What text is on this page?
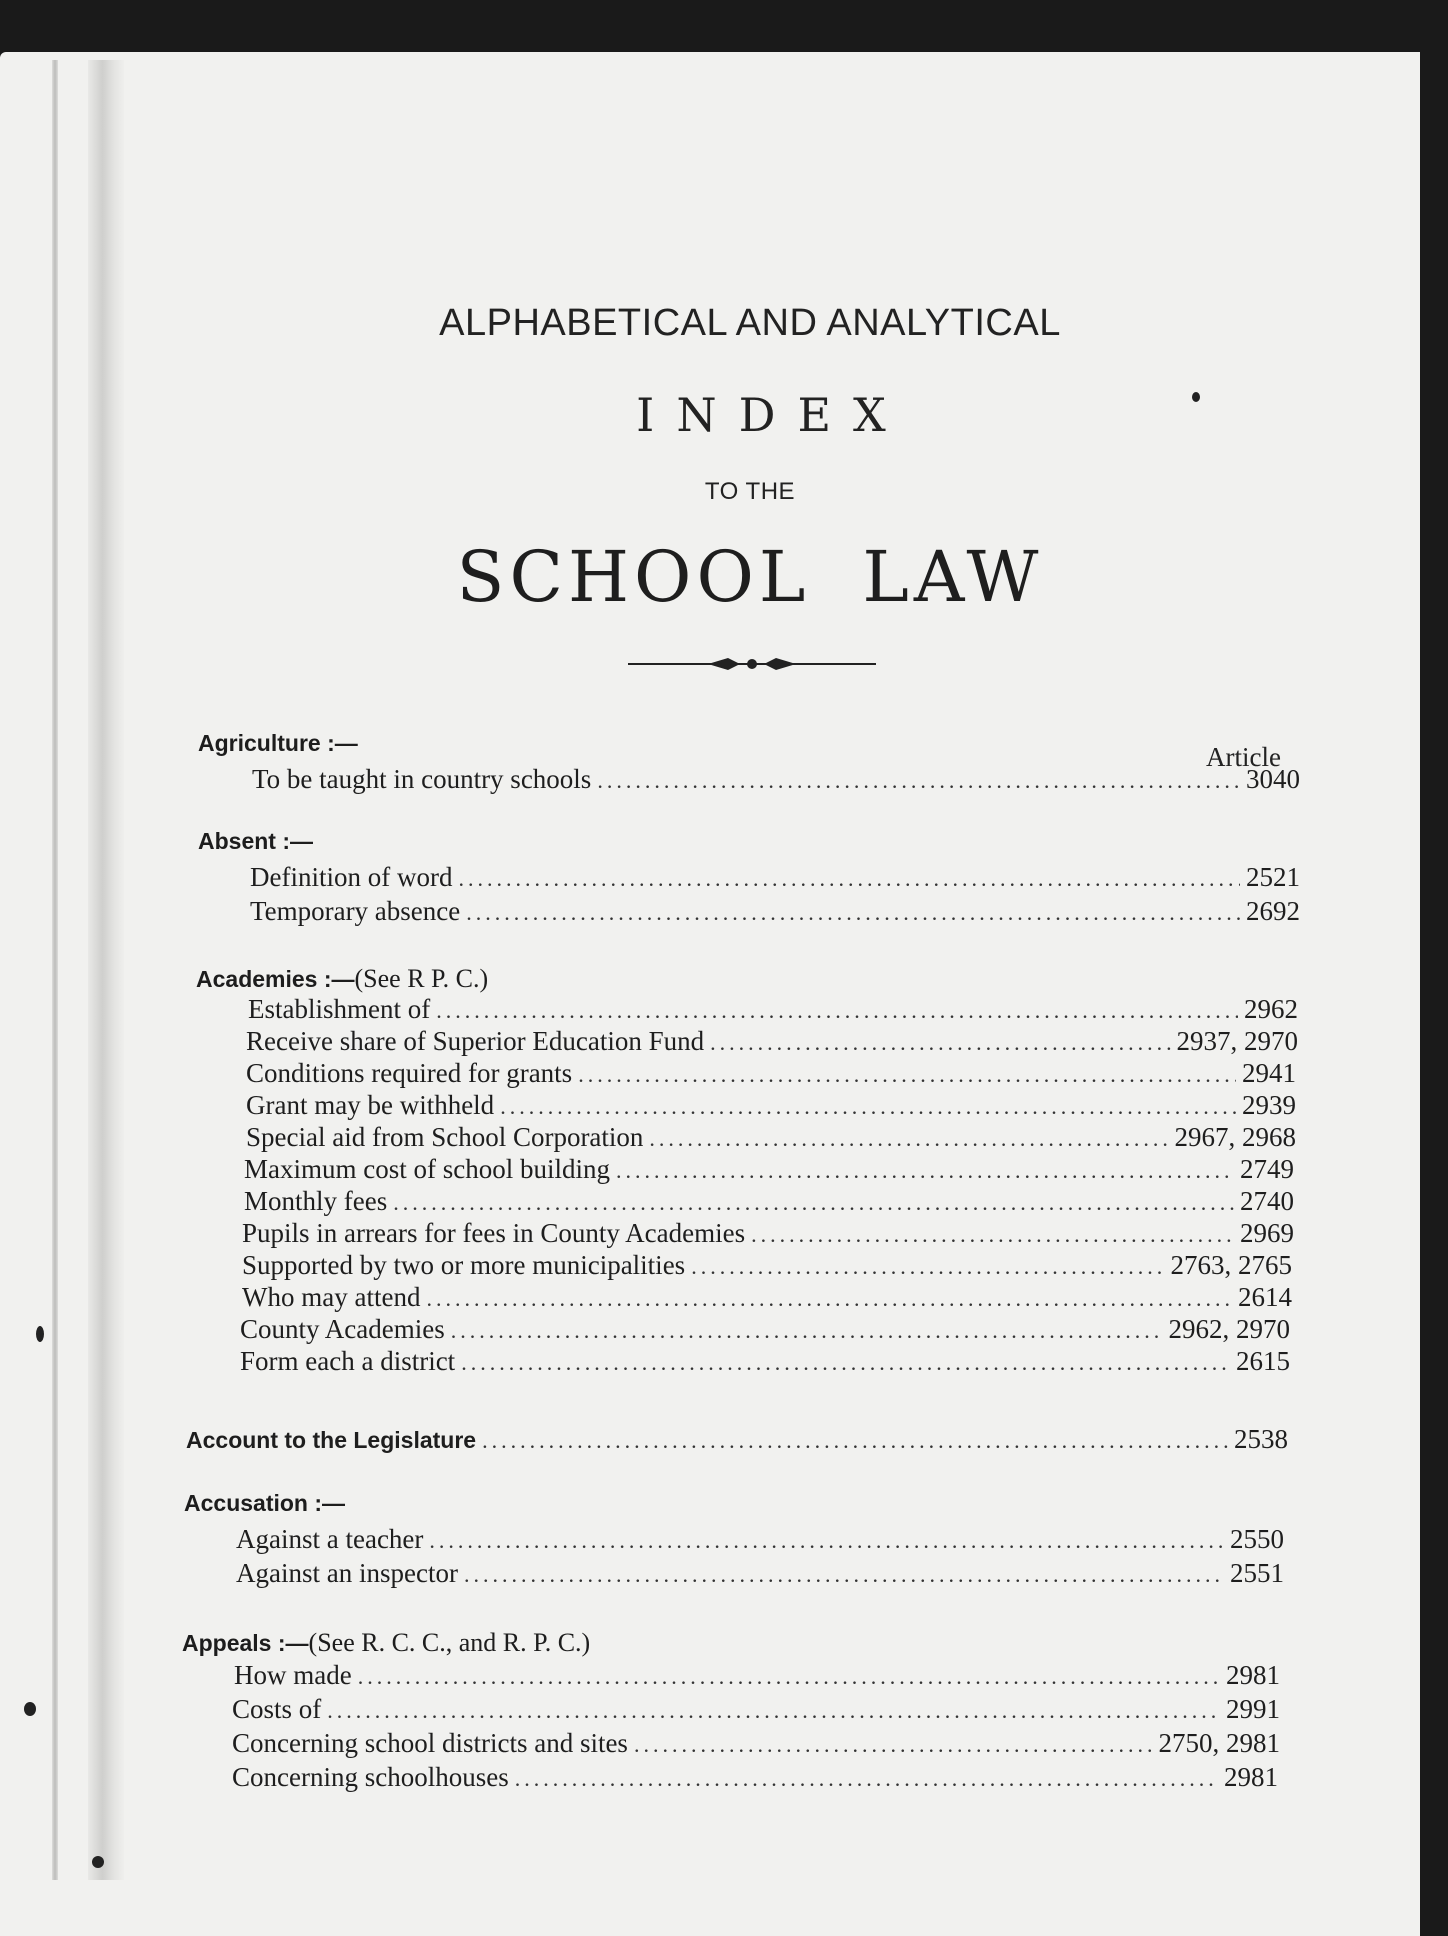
ALPHABETICAL AND ANALYTICAL
INDEX
TO THE
SCHOOL LAW
Article
Agriculture :—
To be taught in country schools .....	3040
Absent :—
Definition of word .....	2521
Temporary absence .....	2692
Academies :—(See R P. C.)
Establishment of .....	2962
Receive share of Superior Education Fund .....	2937, 2970
Conditions required for grants .....	2941
Grant may be withheld .....	2939
Special aid from School Corporation .....	2967, 2968
Maximum cost of school building .....	2749
Monthly fees .....	2740
Pupils in arrears for fees in County Academies .....	2969
Supported by two or more municipalities .....	2763, 2765
Who may attend .....	2614
County Academies .....	2962, 2970
Form each a district .....	2615
Account to the Legislature .....	2538
Accusation :—
Against a teacher .....	2550
Against an inspector .....	2551
Appeals :—(See R. C. C., and R. P. C.)
How made .....	2981
Costs of .....	2991
Concerning school districts and sites .....	2750, 2981
Concerning schoolhouses .....	2981
